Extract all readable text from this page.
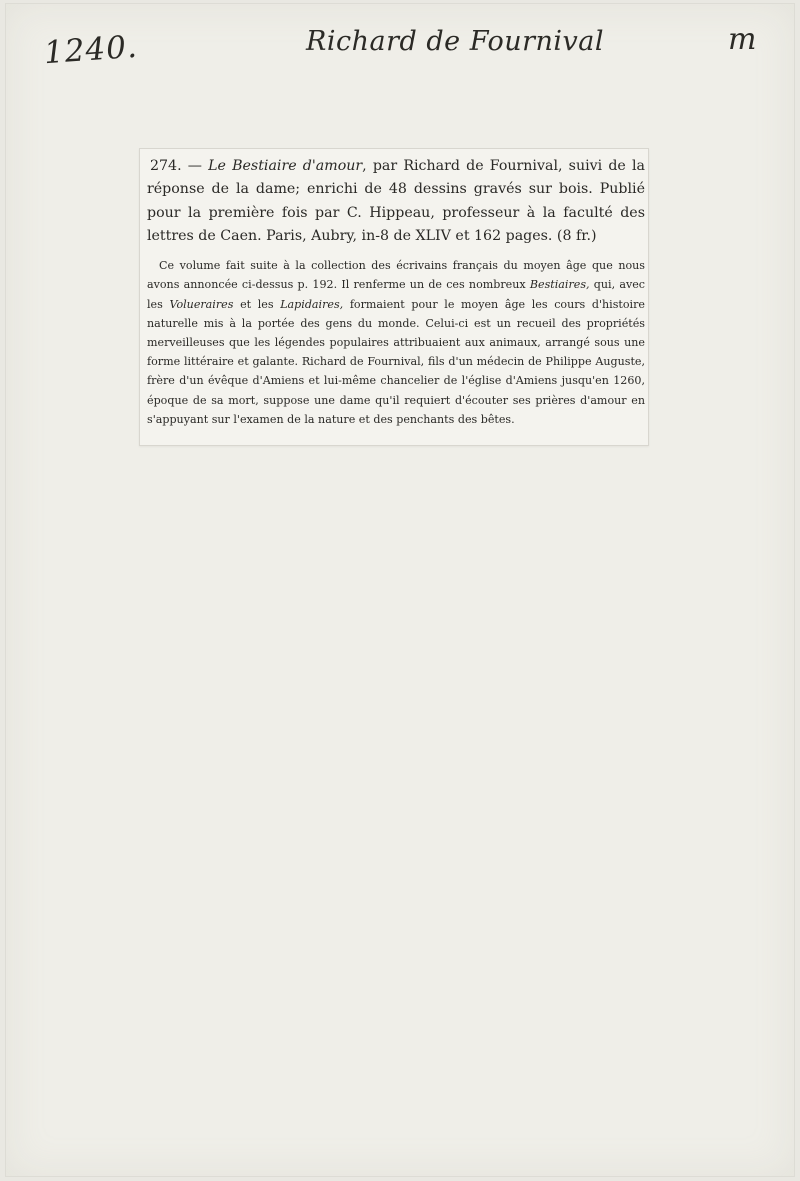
1240.	Richard de Fournival	m

274. — Le Bestiaire d'amour, par Richard de Fournival, suivi de la réponse de la dame; enrichi de 48 dessins gravés sur bois. Publié pour la première fois par C. Hippeau, professeur à la faculté des lettres de Caen. Paris, Aubry, in-8 de XLIV et 162 pages. (8 fr.)

Ce volume fait suite à la collection des écrivains français du moyen âge que nous avons annoncée ci-dessus p. 192. Il renferme un de ces nombreux Bestiaires, qui, avec les Volueraires et les Lapidaires, formaient pour le moyen âge les cours d'histoire naturelle mis à la portée des gens du monde. Celui-ci est un recueil des propriétés merveilleuses que les légendes populaires attribuaient aux animaux, arrangé sous une forme littéraire et galante. Richard de Fournival, fils d'un médecin de Philippe Auguste, frère d'un évêque d'Amiens et lui-même chancelier de l'église d'Amiens jusqu'en 1260, époque de sa mort, suppose une dame qu'il requiert d'écouter ses prières d'amour en s'appuyant sur l'examen de la nature et des penchants des bêtes.
